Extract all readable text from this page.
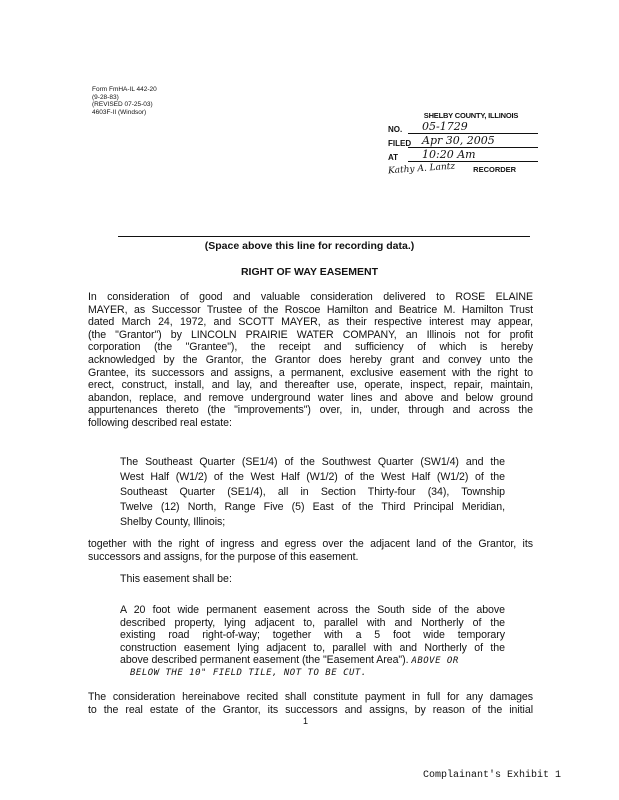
Form FmHA-IL 442-20
(9-28-83)
(REVISED 07-25-03)
4603F-II (Windsor)	SHELBY COUNTY, ILLINOIS
NO.	05-1729
FILED Apr 30, 2005
AT	10:20 Am
Kathy A. Lantz RECORDER
(Space above this line for recording data.)
RIGHT OF WAY EASEMENT
In consideration of good and valuable consideration delivered to ROSE ELAINE
MAYER, as Successor Trustee of the Roscoe Hamilton and Beatrice M. Hamilton Trust
dated March 24, 1972, and SCOTT MAYER, as their respective interest may appear,
(the "Grantor") by LINCOLN PRAIRIE WATER COMPANY, an Illinois not for profit
corporation (the "Grantee"), the receipt and sufficiency of which is hereby
acknowledged by the Grantor, the Grantor does hereby grant and convey unto the
Grantee, its successors and assigns, a permanent, exclusive easement with the right to
erect, construct, install, and lay, and thereafter use, operate, inspect, repair, maintain,
abandon, replace, and remove underground water lines and above and below ground
appurtenances thereto (the "improvements") over, in, under, through and across the
following described real estate:
The Southeast Quarter (SE1/4) of the Southwest Quarter (SW1/4) and the
West Half (W1/2) of the West Half (W1/2) of the West Half (W1/2) of the
Southeast Quarter (SE1/4), all in Section Thirty-four (34), Township
Twelve (12) North, Range Five (5) East of the Third Principal Meridian,
Shelby County, Illinois;
together with the right of ingress and egress over the adjacent land of the Grantor, its
successors and assigns, for the purpose of this easement.
This easement shall be:
A 20 foot wide permanent easement across the South side of the above
described property, lying adjacent to, parallel with and Northerly of the
existing road right-of-way; together with a 5 foot wide temporary
construction easement lying adjacent to, parallel with and Northerly of the
above described permanent easement (the "Easement Area"). ABOVE OR
BELOW THE 10" FIELD TILE, NOT TO BE CUT.
The consideration hereinabove recited shall constitute payment in full for any damages
to the real estate of the Grantor, its successors and assigns, by reason of the initial
1
Complainant's Exhibit 1
